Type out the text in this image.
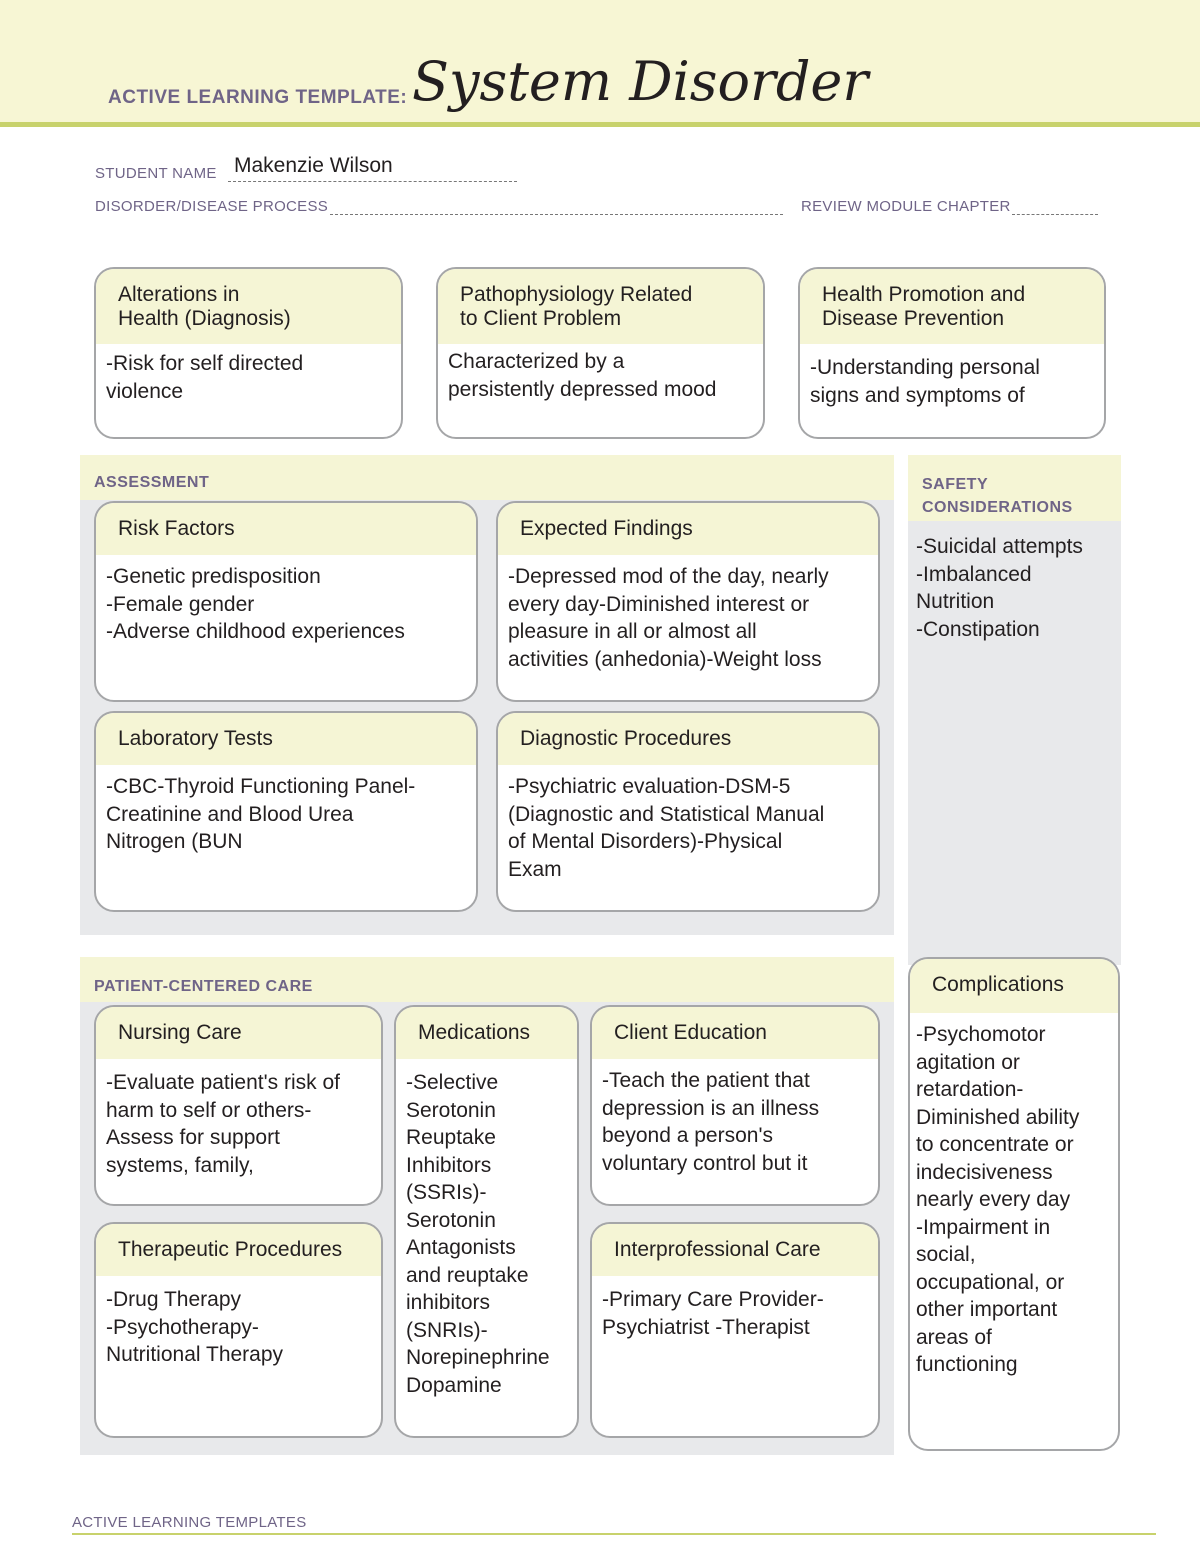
ACTIVE LEARNING TEMPLATE: System Disorder
STUDENT NAME Makenzie Wilson
DISORDER/DISEASE PROCESS	REVIEW MODULE CHAPTER
Alterations in
Health (Diagnosis)
-Risk for self directed
violence
Pathophysiology Related
to Client Problem
Characterized by a
persistently depressed mood
Health Promotion and
Disease Prevention
-Understanding personal
signs and symptoms of
ASSESSMENT
Risk Factors
-Genetic predisposition
-Female gender
-Adverse childhood experiences
Expected Findings
-Depressed mod of the day, nearly
every day-Diminished interest or
pleasure in all or almost all
activities (anhedonia)-Weight loss
Laboratory Tests
-CBC-Thyroid Functioning Panel-
Creatinine and Blood Urea
Nitrogen (BUN
Diagnostic Procedures
-Psychiatric evaluation-DSM-5
(Diagnostic and Statistical Manual
of Mental Disorders)-Physical
Exam
SAFETY
CONSIDERATIONS
-Suicidal attempts
-Imbalanced
Nutrition
-Constipation
PATIENT-CENTERED CARE
Nursing Care
-Evaluate patient's risk of
harm to self or others-
Assess for support
systems, family,
Medications
-Selective
Serotonin
Reuptake
Inhibitors
(SSRIs)-
Serotonin
Antagonists
and reuptake
inhibitors
(SNRIs)-
Norepinephrine
Dopamine
Client Education
-Teach the patient that
depression is an illness
beyond a person's
voluntary control but it
Therapeutic Procedures
-Drug Therapy
-Psychotherapy-
Nutritional Therapy
Interprofessional Care
-Primary Care Provider-
Psychiatrist -Therapist
Complications
-Psychomotor
agitation or
retardation-
Diminished ability
to concentrate or
indecisiveness
nearly every day
-Impairment in
social,
occupational, or
other important
areas of
functioning
ACTIVE LEARNING TEMPLATES
